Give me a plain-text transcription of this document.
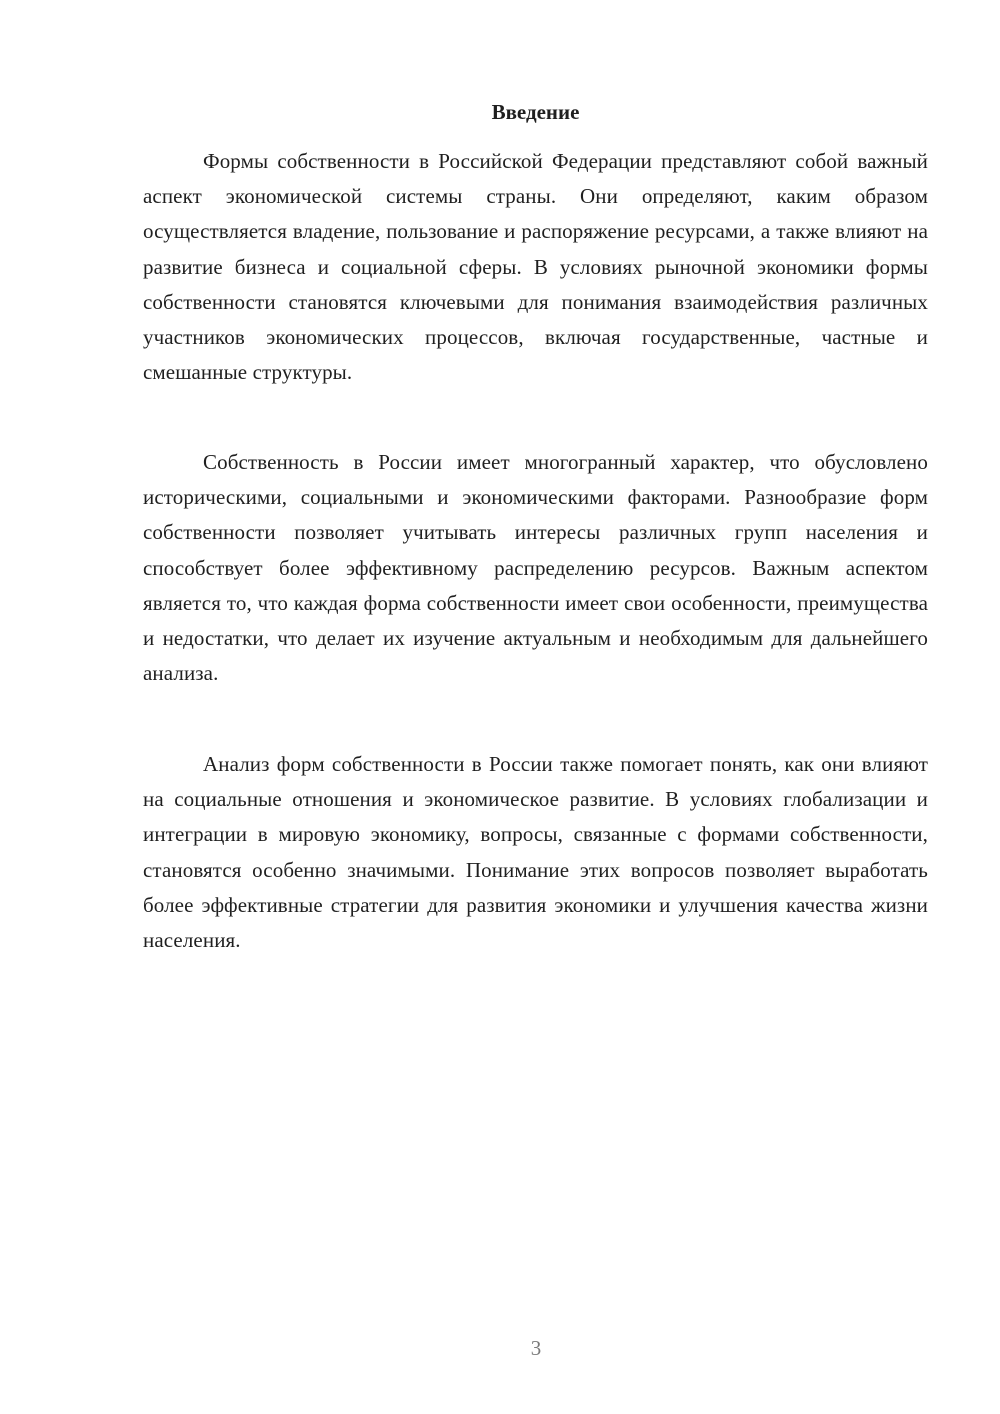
Введение

Формы собственности в Российской Федерации представляют собой важный аспект экономической системы страны. Они определяют, каким образом осуществляется владение, пользование и распоряжение ресурсами, а также влияют на развитие бизнеса и социальной сферы. В условиях рыночной экономики формы собственности становятся ключевыми для понимания взаимодействия различных участников экономических процессов, включая государственные, частные и смешанные структуры.

Собственность в России имеет многогранный характер, что обусловлено историческими, социальными и экономическими факторами. Разнообразие форм собственности позволяет учитывать интересы различных групп населения и способствует более эффективному распределению ресурсов. Важным аспектом является то, что каждая форма собственности имеет свои особенности, преимущества и недостатки, что делает их изучение актуальным и необходимым для дальнейшего анализа.

Анализ форм собственности в России также помогает понять, как они влияют на социальные отношения и экономическое развитие. В условиях глобализации и интеграции в мировую экономику, вопросы, связанные с формами собственности, становятся особенно значимыми. Понимание этих вопросов позволяет выработать более эффективные стратегии для развития экономики и улучшения качества жизни населения.

3
